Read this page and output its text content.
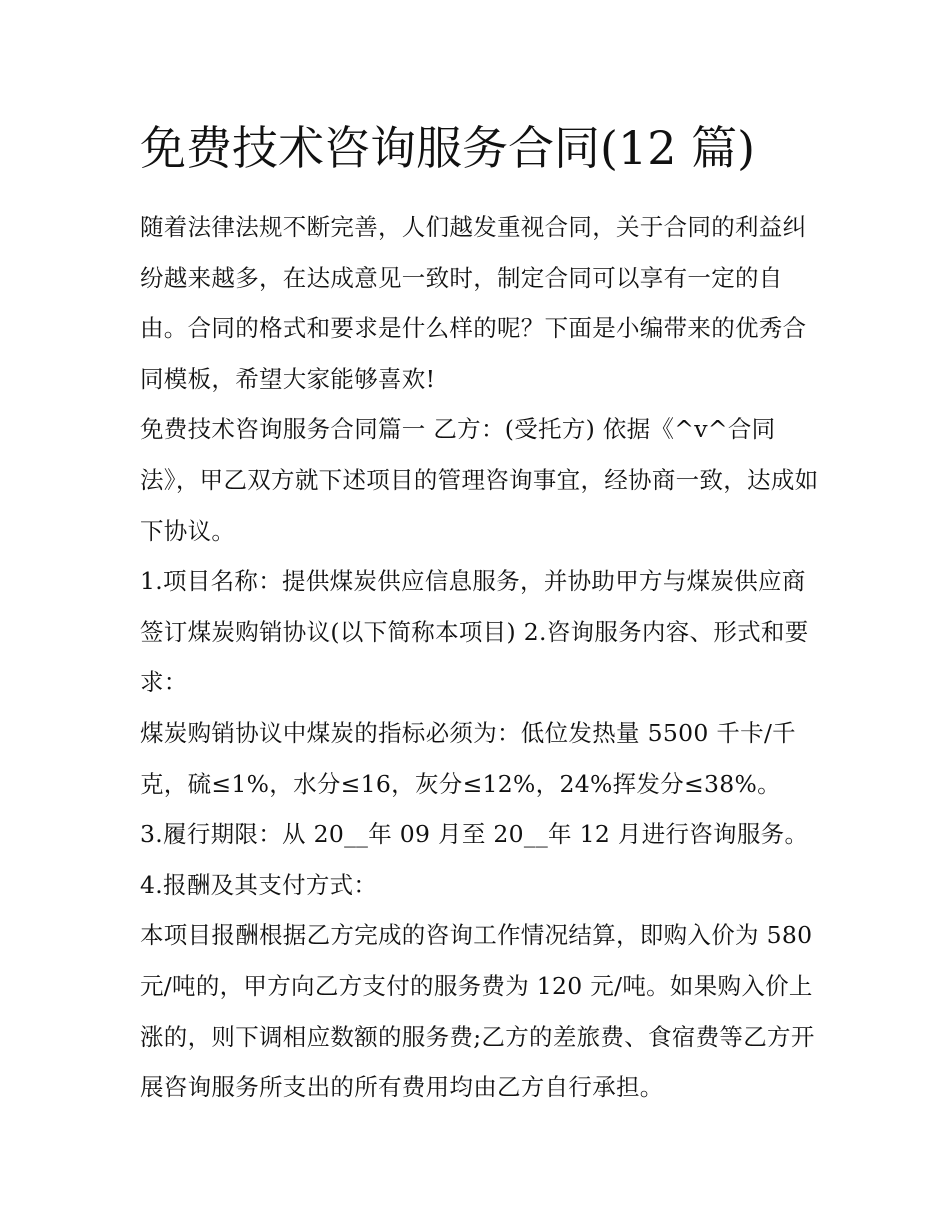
免费技术咨询服务合同(12 篇)

随着法律法规不断完善，人们越发重视合同，关于合同的利益纠纷越来越多，在达成意见一致时，制定合同可以享有一定的自由。合同的格式和要求是什么样的呢？下面是小编带来的优秀合同模板，希望大家能够喜欢!

免费技术咨询服务合同篇一 乙方：(受托方) 依据《^v^合同法》，甲乙双方就下述项目的管理咨询事宜，经协商一致，达成如下协议。

1.项目名称：提供煤炭供应信息服务，并协助甲方与煤炭供应商签订煤炭购销协议(以下简称本项目) 2.咨询服务内容、形式和要求：

煤炭购销协议中煤炭的指标必须为：低位发热量 5500 千卡/千克，硫≤1%，水分≤16，灰分≤12%，24%挥发分≤38%。

3.履行期限：从 20__年 09 月至 20__年 12 月进行咨询服务。 4.报酬及其支付方式：

本项目报酬根据乙方完成的咨询工作情况结算，即购入价为 580 元/吨的，甲方向乙方支付的服务费为 120 元/吨。如果购入价上涨的，则下调相应数额的服务费;乙方的差旅费、食宿费等乙方开展咨询服务所支出的所有费用均由乙方自行承担。
